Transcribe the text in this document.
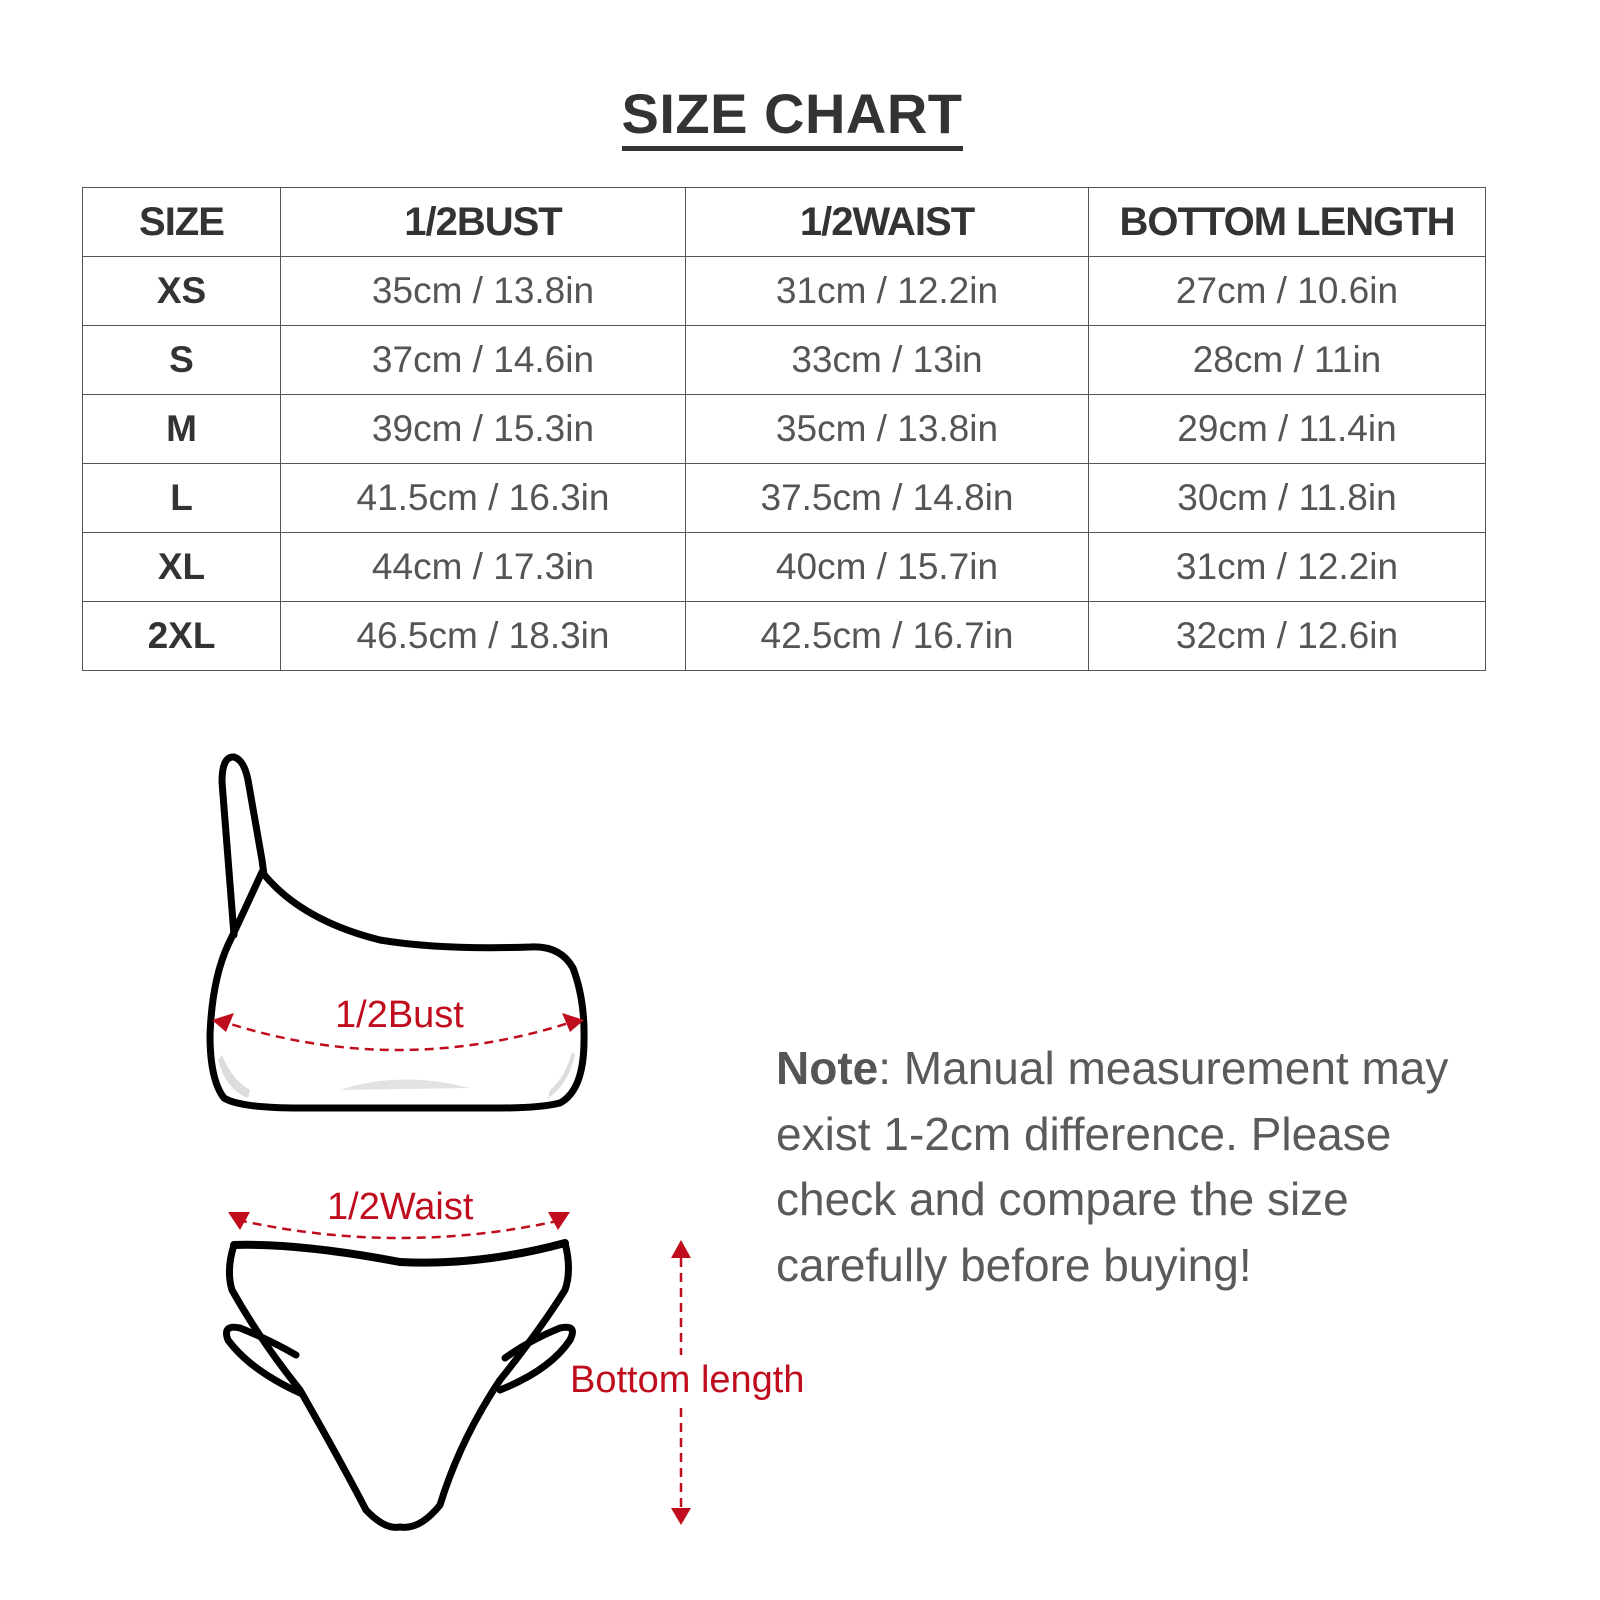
SIZE CHART
SIZE	1/2BUST	1/2WAIST	BOTTOM LENGTH
XS	35cm / 13.8in	31cm / 12.2in	27cm / 10.6in
S	37cm / 14.6in	33cm / 13in	28cm / 11in
M	39cm / 15.3in	35cm / 13.8in	29cm / 11.4in
L	41.5cm / 16.3in	37.5cm / 14.8in	30cm / 11.8in
XL	44cm / 17.3in	40cm / 15.7in	31cm / 12.2in
2XL	46.5cm / 18.3in	42.5cm / 16.7in	32cm / 12.6in
1/2Bust
1/2Waist
Bottom length
Note: Manual measurement may exist 1-2cm difference. Please check and compare the size carefully before buying!
